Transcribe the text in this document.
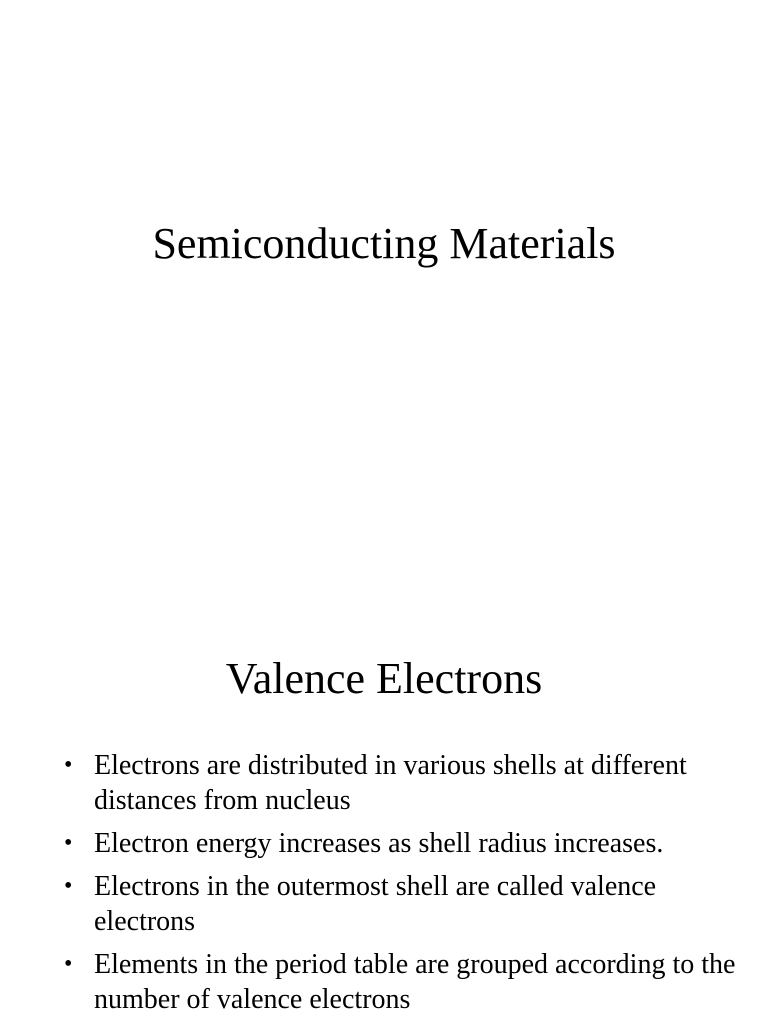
Semiconducting Materials
Valence Electrons
• Electrons are distributed in various shells at different distances from nucleus
• Electron energy increases as shell radius increases.
• Electrons in the outermost shell are called valence electrons
• Elements in the period table are grouped according to the number of valence electrons
